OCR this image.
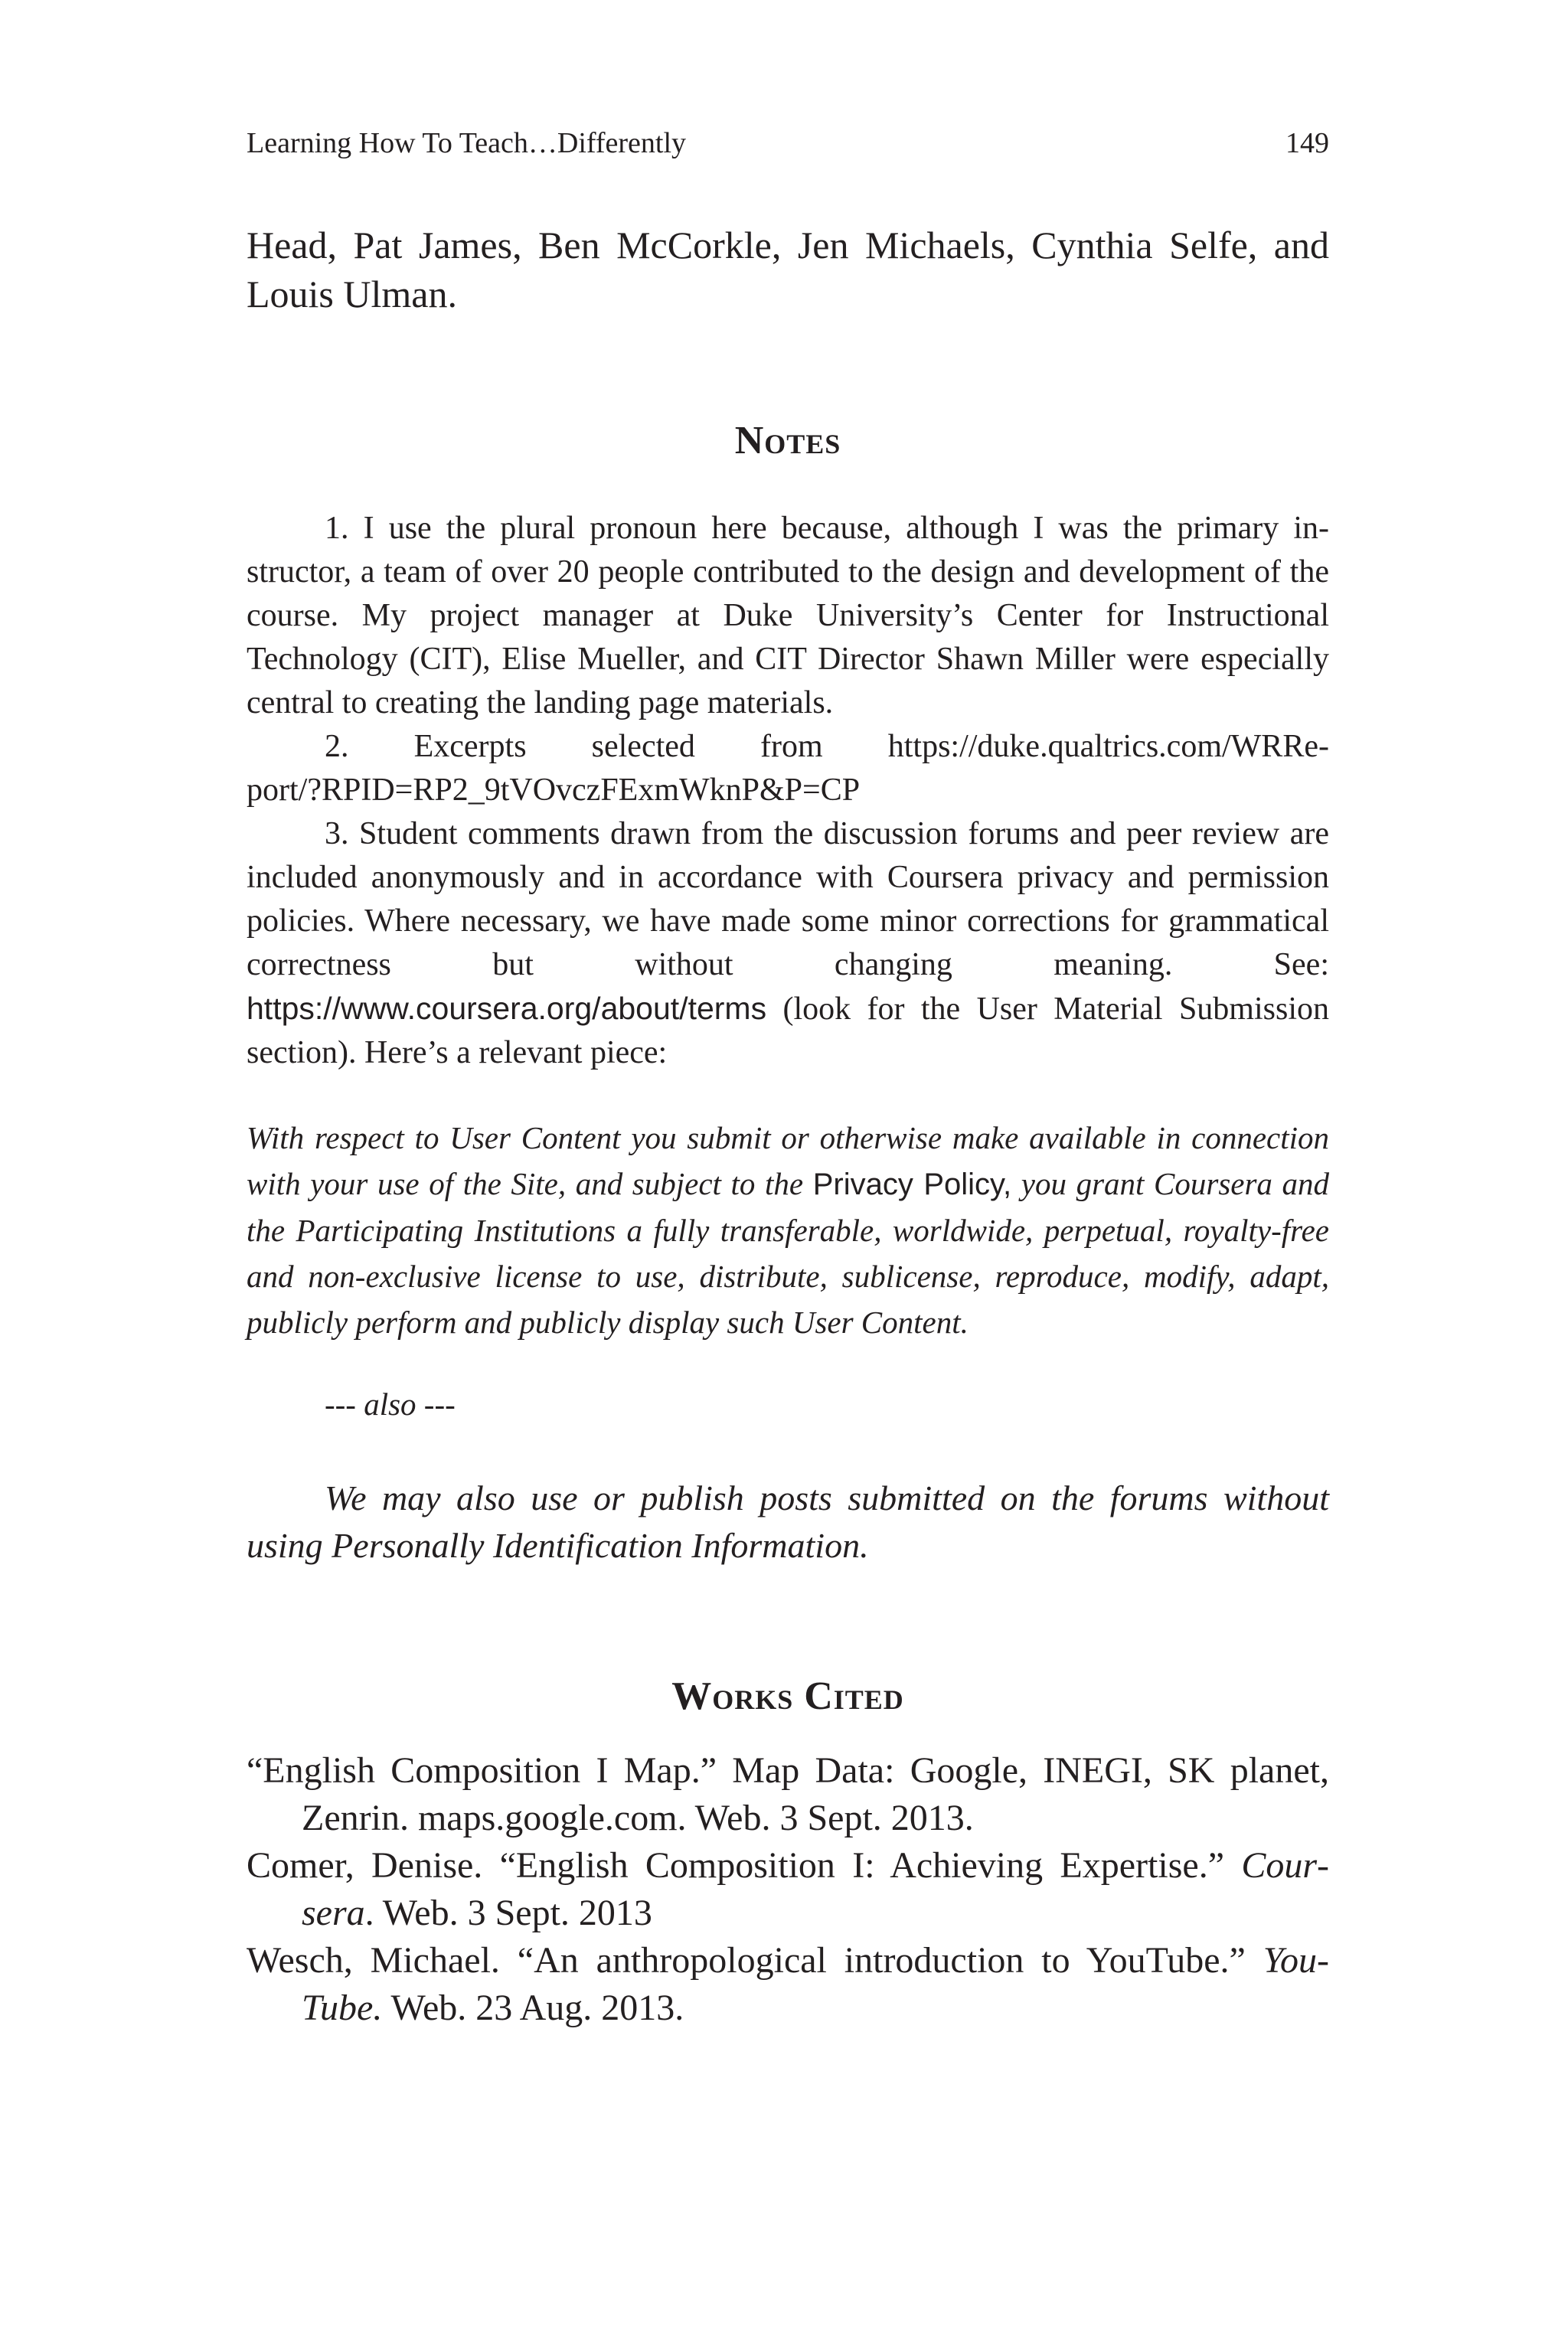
Learning How To Teach…Differently	149

Head, Pat James, Ben McCorkle, Jen Michaels, Cynthia Selfe, and Louis Ulman.

Notes

1. I use the plural pronoun here because, although I was the primary instructor, a team of over 20 people contributed to the design and development of the course. My project manager at Duke University’s Center for Instructional Technology (CIT), Elise Mueller, and CIT Director Shawn Miller were especially central to creating the landing page materials.

2. Excerpts selected from https://duke.qualtrics.com/WRRe-
port/?RPID=RP2_9tVOvczFExmWknP&P=CP

3. Student comments drawn from the discussion forums and peer review are included anonymously and in accordance with Coursera privacy and permission policies. Where necessary, we have made some minor corrections for grammatical correctness but without changing meaning. See: https://www.coursera.org/about/terms (look for the User Material Submission section). Here’s a relevant piece:

With respect to User Content you submit or otherwise make available in connection with your use of the Site, and subject to the Privacy Policy, you grant Coursera and the Participating Institutions a fully transferable, worldwide, perpetual, royalty-free and non-exclusive license to use, distribute, sublicense, reproduce, modify, adapt, publicly perform and publicly display such User Content.

--- also ---

We may also use or publish posts submitted on the forums without using Personally Identification Information.

Works Cited

“English Composition I Map.” Map Data: Google, INEGI, SK planet, Zenrin. maps.google.com. Web. 3 Sept. 2013.

Comer, Denise. “English Composition I: Achieving Expertise.” Coursera. Web. 3 Sept. 2013

Wesch, Michael. “An anthropological introduction to YouTube.” YouTube. Web. 23 Aug. 2013.
